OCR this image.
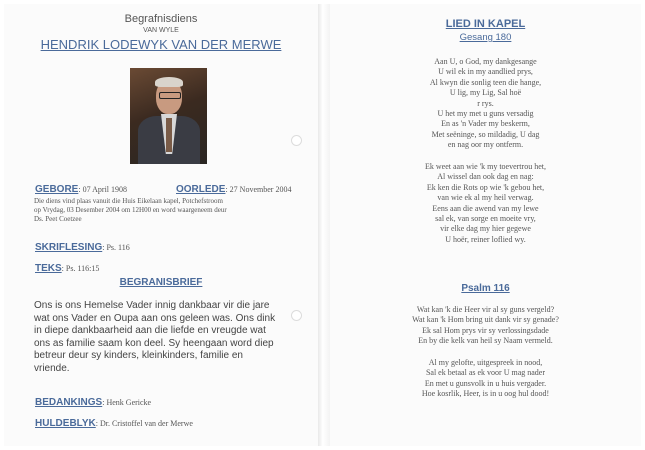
Begrafnisdiens
VAN WYLE
HENDRIK LODEWYK VAN DER MERWE
GEBORE: 07 April 1908	OORLEDE: 27 November 2004
Die diens vind plaas vanuit die Huis Eikelaan kapel, Potchefstroom
op Vrydag, 03 Desember 2004 om 12H00 en word waargeneem deur
Ds. Peet Coetzee
SKRIFLESING: Ps. 116
TEKS: Ps. 116:15
BEGRANISBRIEF
Ons is ons Hemelse Vader innig dankbaar vir die jare
wat ons Vader en Oupa aan ons geleen was. Ons dink
in diepe dankbaarheid aan die liefde en vreugde wat
ons as familie saam kon deel. Sy heengaan word diep
betreur deur sy kinders, kleinkinders, familie en
vriende.
BEDANKINGS: Henk Gericke
HULDEBLYK: Dr. Cristoffel van der Merwe
LIED IN KAPEL
Gesang 180
Aan U, o God, my dankgesange
U wil ek in my aandlied prys,
Al kwyn die sonlig teen die hange,
U lig, my Lig, Sal hoë
r rys.
U het my met u guns versadig
En as 'n Vader my beskerm,
Met seëninge, so mildadig, U dag
en nag oor my ontferm.
Ek weet aan wie 'k my toevertrou het,
Al wissel dan ook dag en nag:
Ek ken die Rots op wie 'k gebou het,
van wie ek al my heil verwag.
Eens aan die awend van my lewe
sal ek, van sorge en moeite vry,
vir elke dag my hier gegewe
U hoër, reiner loflied wy.
Psalm 116
Wat kan 'k die Heer vir al sy guns vergeld?
Wat kan 'k Hom bring uit dank vir sy genade?
Ek sal Hom prys vir sy verlossingsdade
En by die kelk van heil sy Naam vermeld.
Al my gelofte, uitgespreek in nood,
Sal ek betaal as ek voor U mag nader
En met u gunsvolk in u huis vergader.
Hoe kosrlik, Heer, is in u oog hul dood!
